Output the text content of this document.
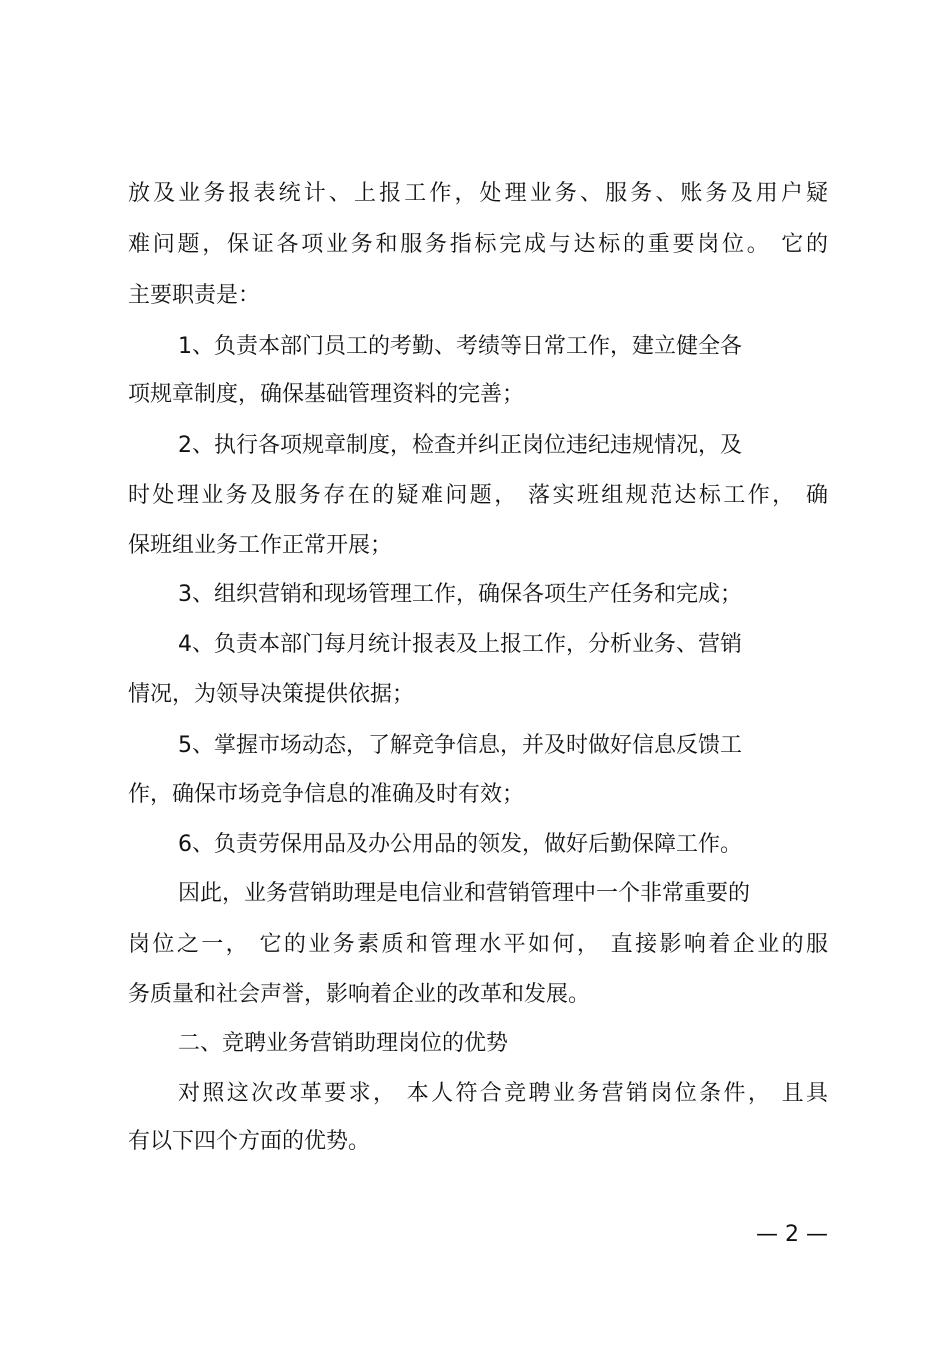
放及业务报表统计、上报工作，处理业务、服务、账务及用户疑
难问题，保证各项业务和服务指标完成与达标的重要岗位。 它的
主要职责是：
1、负责本部门员工的考勤、考绩等日常工作，建立健全各
项规章制度，确保基础管理资料的完善；
2、执行各项规章制度，检查并纠正岗位违纪违规情况，及
时处理业务及服务存在的疑难问题， 落实班组规范达标工作， 确
保班组业务工作正常开展；
3、组织营销和现场管理工作，确保各项生产任务和完成；
4、负责本部门每月统计报表及上报工作，分析业务、营销
情况，为领导决策提供依据；
5、掌握市场动态，了解竞争信息，并及时做好信息反馈工
作，确保市场竞争信息的准确及时有效；
6、负责劳保用品及办公用品的领发，做好后勤保障工作。
因此，业务营销助理是电信业和营销管理中一个非常重要的
岗位之一， 它的业务素质和管理水平如何， 直接影响着企业的服
务质量和社会声誉，影响着企业的改革和发展。
二、竞聘业务营销助理岗位的优势
对照这次改革要求， 本人符合竞聘业务营销岗位条件， 且具
有以下四个方面的优势。
— 2 —
